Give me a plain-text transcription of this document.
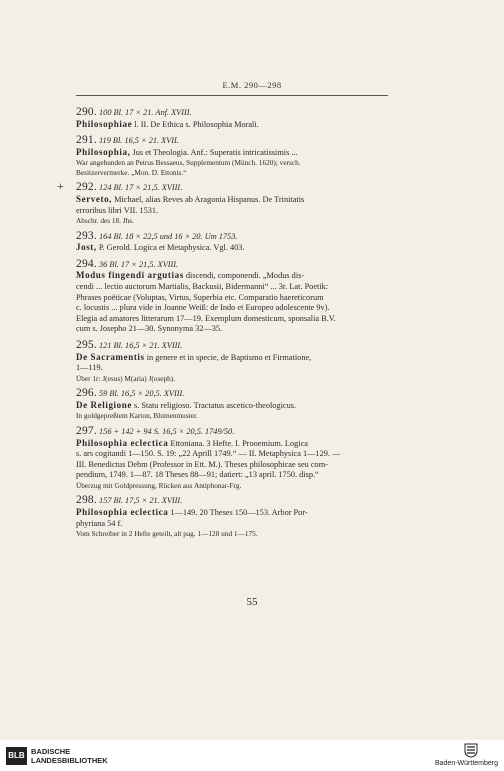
E.M. 290—298
290. 100 Bl. 17 × 21. Anf. XVIII.
Philosophiae l. II. De Ethica s. Philosophia Morali.
291. 119 Bl. 16,5 × 21. XVII.
Philosophia, Jus et Theologia. Anf.: Superatis intricatissimis ...
War angebunden an Petrus Bessaeus, Supplementum (Münch. 1620); versch.
Besitzervermerke. „Mon. D. Ettonis.“
+ 292. 124 Bl. 17 × 21,5. XVIII.
Serveto, Michael, alias Reves ab Aragonia Hispanus. De Trinitatis
erroribus libri VII. 1531.
Abschr. des 18. Jhs.
293. 164 Bl. 18 × 22,5 und 16 × 20. Um 1753.
Jost, P. Gerold. Logica et Metaphysica. Vgl. 403.
294. 36 Bl. 17 × 21,5. XVIII.
Modus fingendi argutias discendi, componendi. „Modus dis-
cendi ... lectio auctorum Martialis, Backusii, Bidermanni“ ... 3r. Lat. Poetik:
Phrases poëticae (Voluptas, Virtus, Superbia etc. Comparatio haereticorum
c. locustis ... plura vide in Joanne Weiß: de Indo et Europeo adolescente 9v).
Elegia ad amatores litterarum 17—19. Exemplum domesticum, sponsalia B.V.
cum s. Josepho 21—30. Synonyma 32—35.
295. 121 Bl. 16,5 × 21. XVIII.
De Sacramentis in genere et in specie, de Baptismo et Firmatione,
1—119.
Über 1r: J(esus) M(aria) J(oseph).
296. 59 Bl. 16,5 × 20,5. XVIII.
De Religione s. Statu religioso. Tractatus ascetico-theologicus.
In goldgepreßtem Karton, Blumenmuster.
297. 156 + 142 + 94 S. 16,5 × 20,5. 1749/50.
Philosophia eclectica Ettoniana. 3 Hefte. I. Prooemium. Logica
s. ars cogitandi 1—150. S. 19: „22 Aprill 1749.“ — II. Metaphysica 1—129. —
III. Benedictus Dehm (Professor in Ett. M.). Theses philosophicae seu com-
pendium, 1749. 1—87. 18 Theses 88—91; datiert: „13 april. 1750. disp.“
Überzug mit Goldpressung, Rücken aus Antiphonar-Frg.
298. 157 Bl. 17,5 × 21. XVIII.
Philosophia eclectica 1—149. 20 Theses 150—153. Arbor Por-
phyriana 54 f.
Vom Schreiber in 2 Hefte geteilt, alt pag. 1—128 und 1—175.
55
BLB BADISCHE
LANDESBIBLIOTHEK	Baden-Württemberg
